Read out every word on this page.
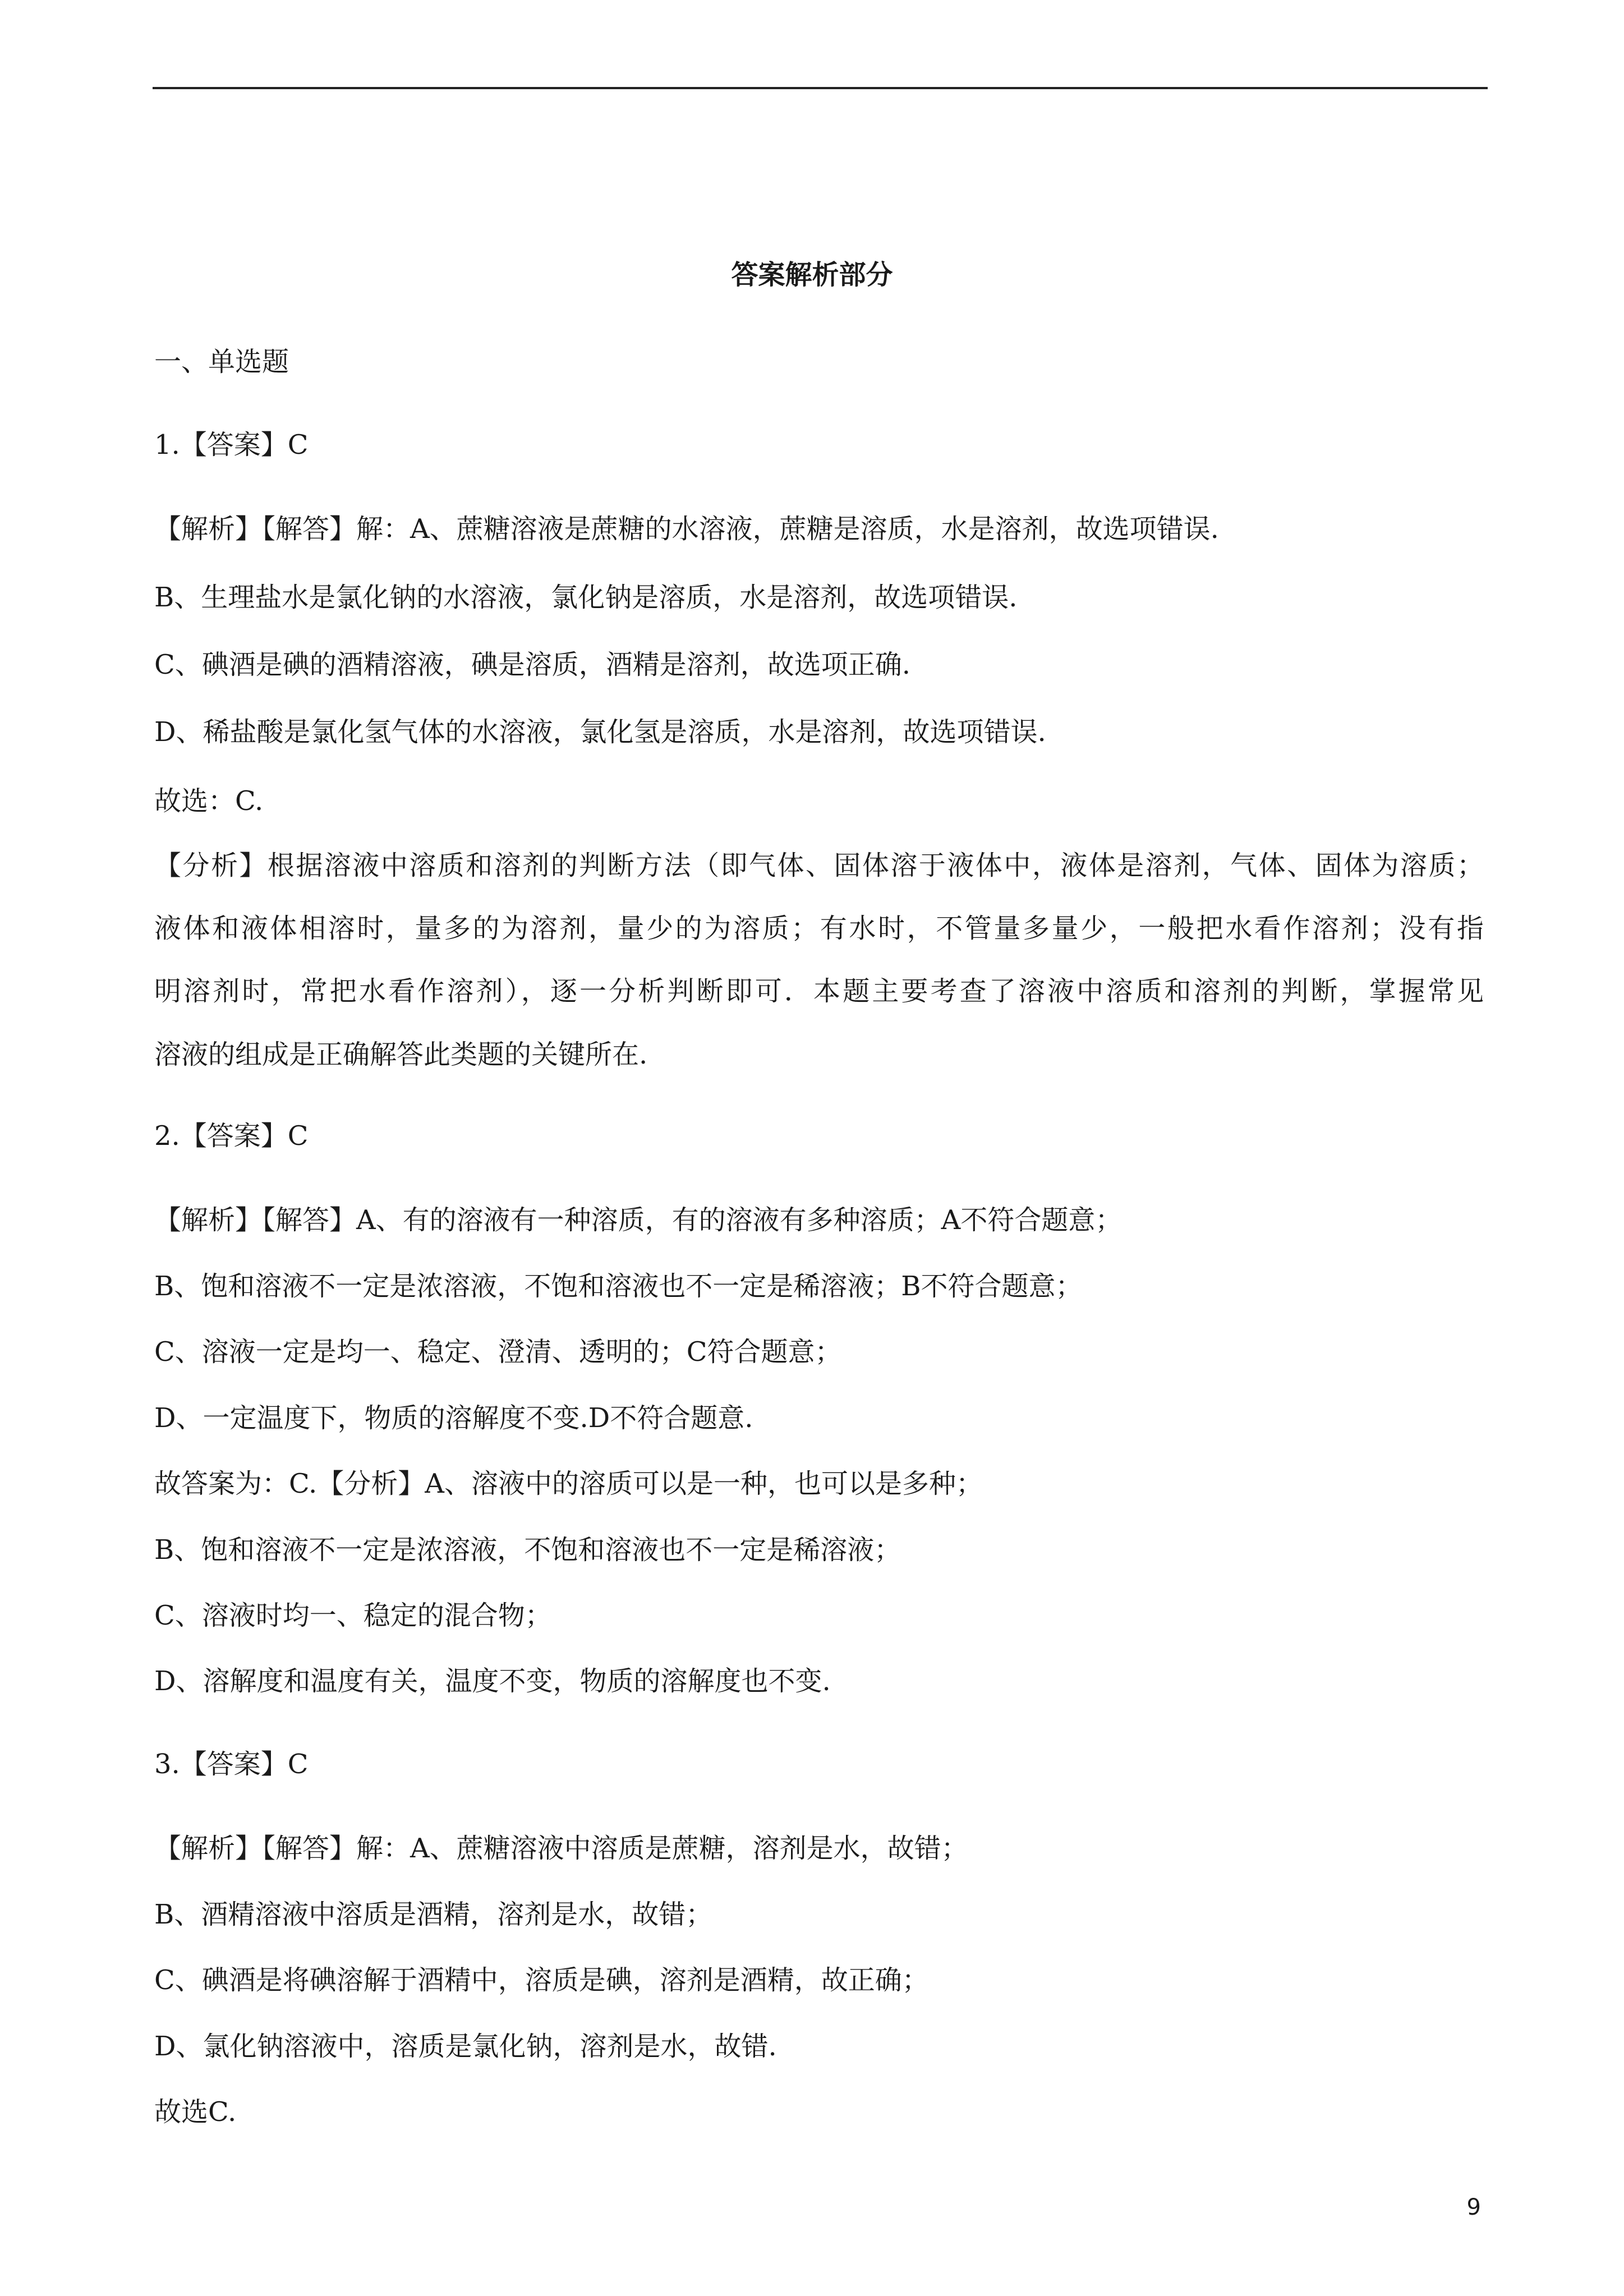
答案解析部分
一、单选题
1.【答案】C
【解析】【解答】解：A、蔗糖溶液是蔗糖的水溶液，蔗糖是溶质，水是溶剂，故选项错误.
B、生理盐水是氯化钠的水溶液，氯化钠是溶质，水是溶剂，故选项错误.
C、碘酒是碘的酒精溶液，碘是溶质，酒精是溶剂，故选项正确.
D、稀盐酸是氯化氢气体的水溶液，氯化氢是溶质，水是溶剂，故选项错误.
故选：C.
【分析】根据溶液中溶质和溶剂的判断方法（即气体、固体溶于液体中，液体是溶剂，气体、固体为溶质；
液体和液体相溶时，量多的为溶剂，量少的为溶质；有水时，不管量多量少，一般把水看作溶剂；没有指
明溶剂时，常把水看作溶剂），逐一分析判断即可．本题主要考查了溶液中溶质和溶剂的判断，掌握常见
溶液的组成是正确解答此类题的关键所在.
2.【答案】C
【解析】【解答】A、有的溶液有一种溶质，有的溶液有多种溶质；A不符合题意；
B、饱和溶液不一定是浓溶液，不饱和溶液也不一定是稀溶液；B不符合题意；
C、溶液一定是均一、稳定、澄清、透明的；C符合题意；
D、一定温度下，物质的溶解度不变.D不符合题意.
故答案为：C.【分析】A、溶液中的溶质可以是一种，也可以是多种；
B、饱和溶液不一定是浓溶液，不饱和溶液也不一定是稀溶液；
C、溶液时均一、稳定的混合物；
D、溶解度和温度有关，温度不变，物质的溶解度也不变.
3.【答案】C
【解析】【解答】解：A、蔗糖溶液中溶质是蔗糖，溶剂是水，故错；
B、酒精溶液中溶质是酒精，溶剂是水，故错；
C、碘酒是将碘溶解于酒精中，溶质是碘，溶剂是酒精，故正确；
D、氯化钠溶液中，溶质是氯化钠，溶剂是水，故错.
故选C.
9
